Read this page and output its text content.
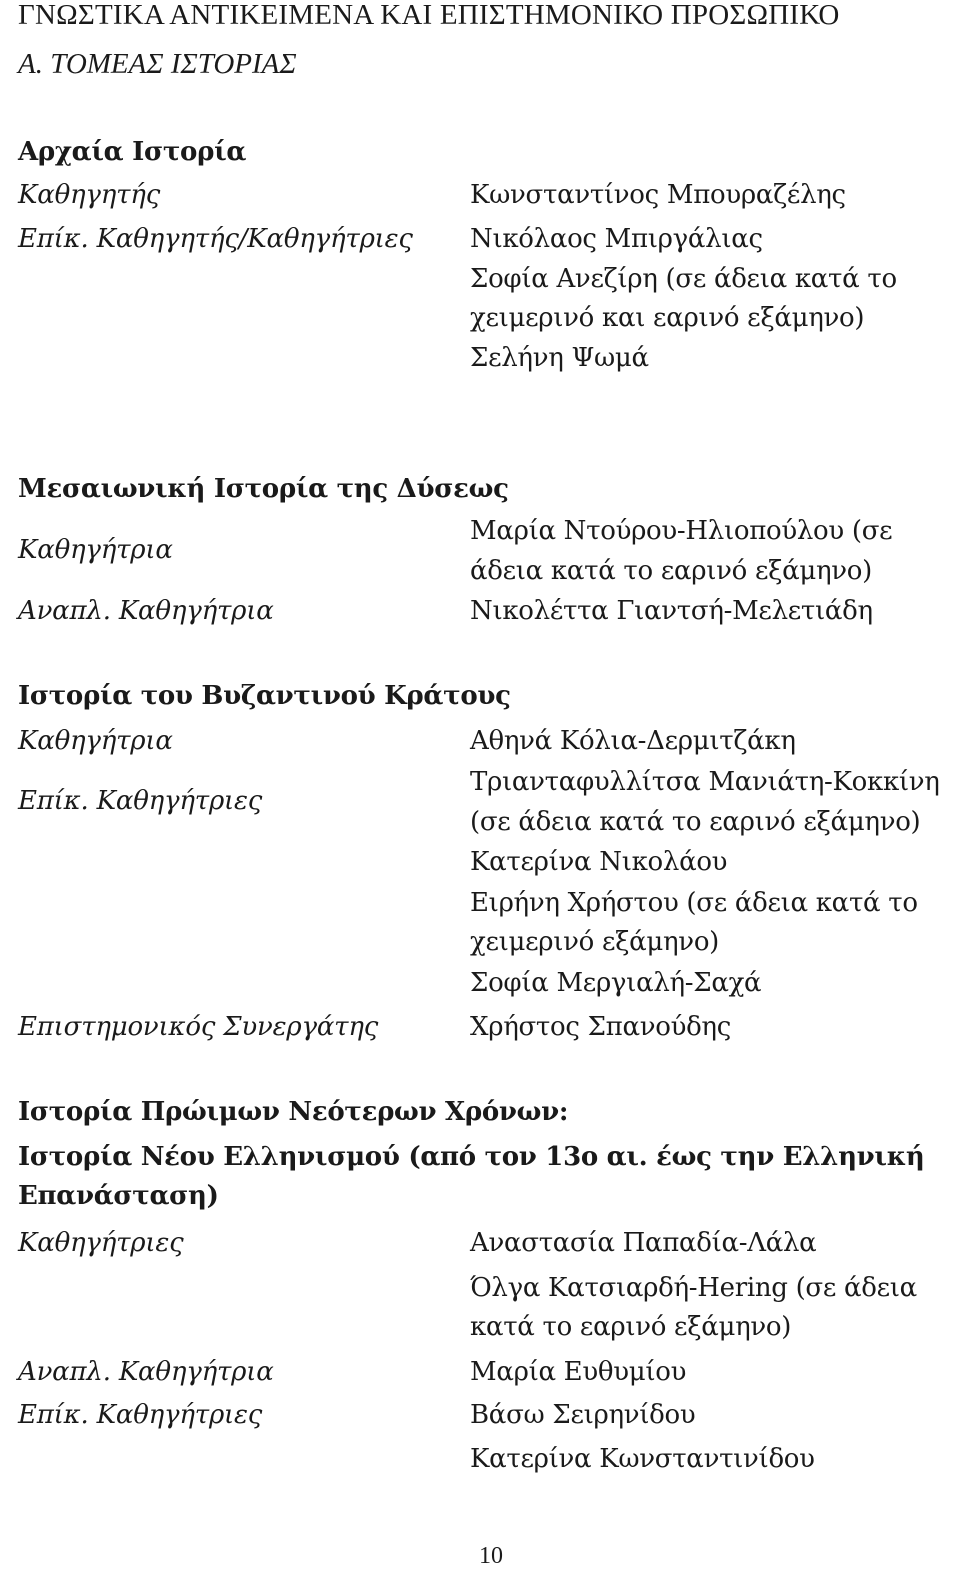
ΓΝΩΣΤΙΚΑ ΑΝΤΙΚΕΙΜΕΝΑ ΚΑΙ ΕΠΙΣΤΗΜΟΝΙΚΟ ΠΡΟΣΩΠΙΚΟ
Α. ΤΟΜΕΑΣ ΙΣΤΟΡΙΑΣ
Αρχαία Ιστορία
Καθηγητής
Επίκ. Καθηγητής/Καθηγήτριες
Κωνσταντίνος Μπουραζέλης
Νικόλαος Μπιργάλιας
Σοφία Ανεζίρη (σε άδεια κατά το
χειμερινό και εαρινό εξάμηνο)
Σελήνη Ψωμά
Μεσαιωνική Ιστορία της Δύσεως
Καθηγήτρια
Αναπλ. Καθηγήτρια
Μαρία Ντούρου-Ηλιοπούλου (σε
άδεια κατά το εαρινό εξάμηνο)
Νικολέττα Γιαντσή-Μελετιάδη
Ιστορία του Βυζαντινού Κράτους
Καθηγήτρια
Επίκ. Καθηγήτριες
Επιστημονικός Συνεργάτης
Αθηνά Κόλια-Δερμιτζάκη
Τριανταφυλλίτσα Μανιάτη-Κοκκίνη
(σε άδεια κατά το εαρινό εξάμηνο)
Κατερίνα Νικολάου
Ειρήνη Χρήστου (σε άδεια κατά το
χειμερινό εξάμηνο)
Σοφία Μεργιαλή-Σαχά
Χρήστος Σπανούδης
Ιστορία Πρώιμων Νεότερων Χρόνων:
Ιστορία Νέου Ελληνισμού (από τον 13ο αι. έως την Ελληνική
Επανάσταση)
Καθηγήτριες
Αναπλ. Καθηγήτρια
Επίκ. Καθηγήτριες
Αναστασία Παπαδία-Λάλα
Όλγα Κατσιαρδή-Hering (σε άδεια
κατά το εαρινό εξάμηνο)
Μαρία Ευθυμίου
Βάσω Σειρηνίδου
Κατερίνα Κωνσταντινίδου
10
